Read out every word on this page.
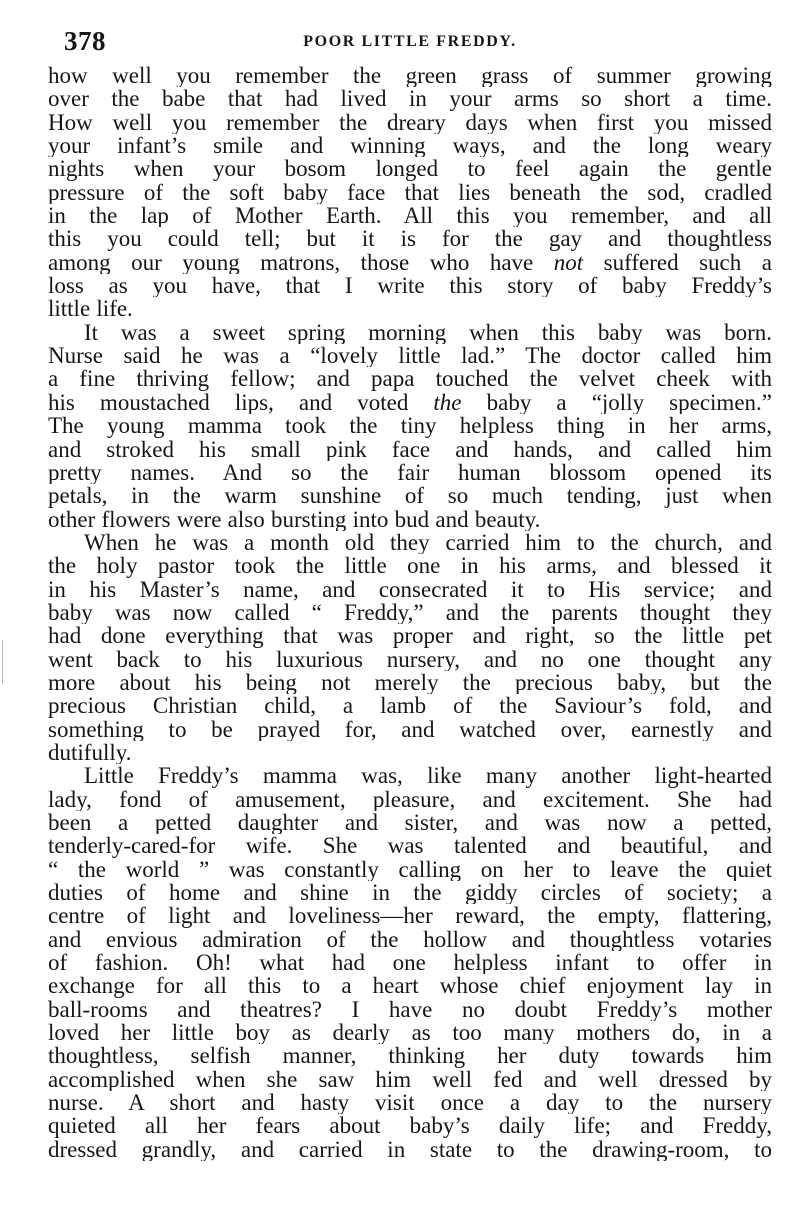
378	POOR LITTLE FREDDY.
how well you remember the green grass of summer growing
over the babe that had lived in your arms so short a time.
How well you remember the dreary days when first you missed
your infant’s smile and winning ways, and the long weary
nights when your bosom longed to feel again the gentle
pressure of the soft baby face that lies beneath the sod, cradled
in the lap of Mother Earth. All this you remember, and all
this you could tell; but it is for the gay and thoughtless
among our young matrons, those who have not suffered such a
loss as you have, that I write this story of baby Freddy’s
little life.
It was a sweet spring morning when this baby was born.
Nurse said he was a “lovely little lad.” The doctor called him
a fine thriving fellow; and papa touched the velvet cheek with
his moustached lips, and voted the baby a “jolly specimen.”
The young mamma took the tiny helpless thing in her arms,
and stroked his small pink face and hands, and called him
pretty names. And so the fair human blossom opened its
petals, in the warm sunshine of so much tending, just when
other flowers were also bursting into bud and beauty.
When he was a month old they carried him to the church, and
the holy pastor took the little one in his arms, and blessed it
in his Master’s name, and consecrated it to His service; and
baby was now called “ Freddy,” and the parents thought they
had done everything that was proper and right, so the little pet
went back to his luxurious nursery, and no one thought any
more about his being not merely the precious baby, but the
precious Christian child, a lamb of the Saviour’s fold, and
something to be prayed for, and watched over, earnestly and
dutifully.
Little Freddy’s mamma was, like many another light-hearted
lady, fond of amusement, pleasure, and excitement. She had
been a petted daughter and sister, and was now a petted,
tenderly-cared-for wife. She was talented and beautiful, and
“ the world ” was constantly calling on her to leave the quiet
duties of home and shine in the giddy circles of society; a
centre of light and loveliness—her reward, the empty, flattering,
and envious admiration of the hollow and thoughtless votaries
of fashion. Oh! what had one helpless infant to offer in
exchange for all this to a heart whose chief enjoyment lay in
ball-rooms and theatres? I have no doubt Freddy’s mother
loved her little boy as dearly as too many mothers do, in a
thoughtless, selfish manner, thinking her duty towards him
accomplished when she saw him well fed and well dressed by
nurse. A short and hasty visit once a day to the nursery
quieted all her fears about baby’s daily life; and Freddy,
dressed grandly, and carried in state to the drawing-room, to
